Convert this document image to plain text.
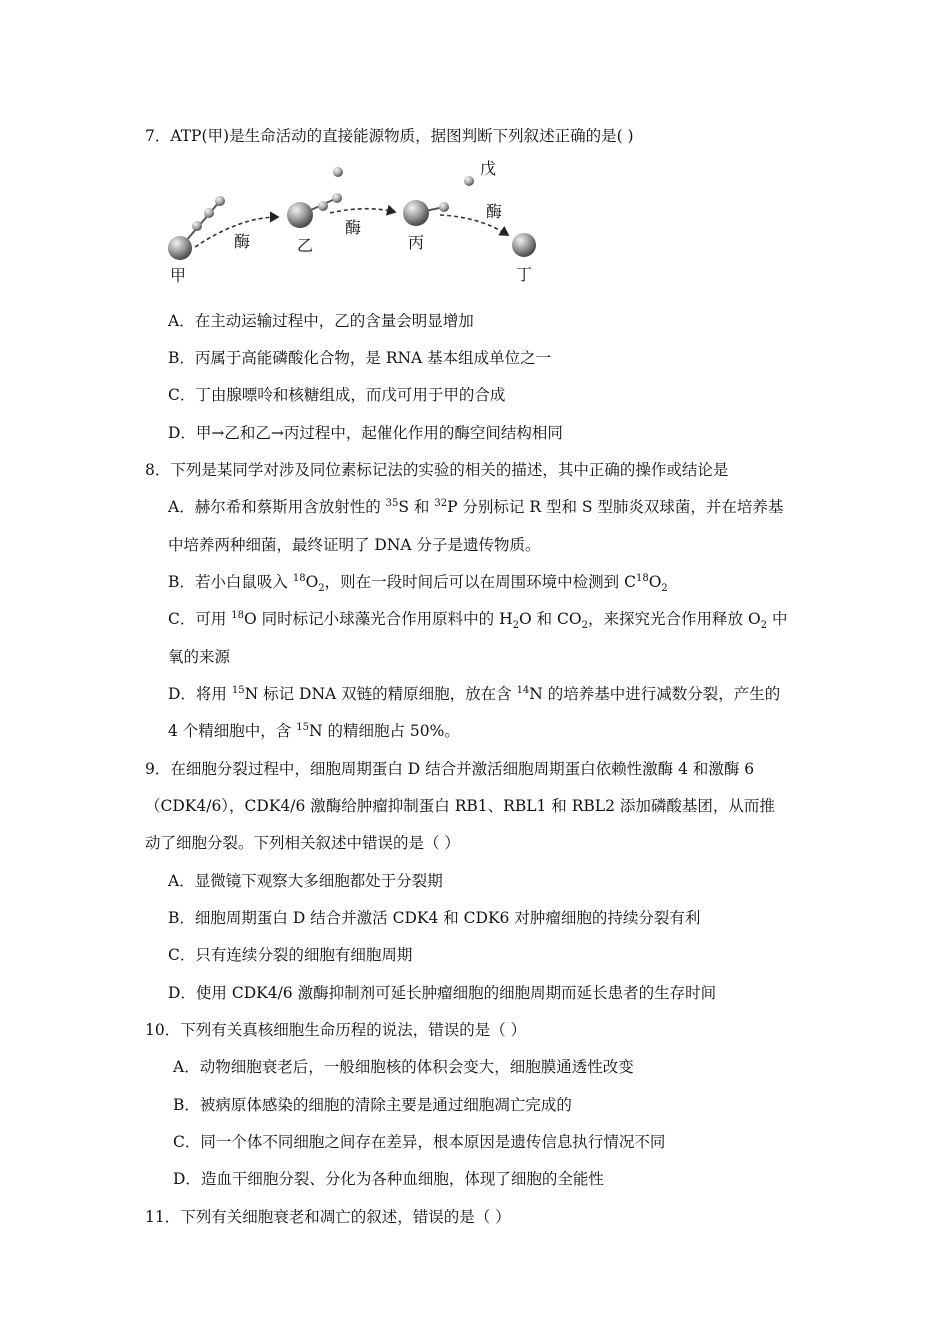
7．ATP(甲)是生命活动的直接能源物质，据图判断下列叙述正确的是( )
甲
酶	乙
酶
丙
戊
酶
丁
A．在主动运输过程中，乙的含量会明显增加
B．丙属于高能磷酸化合物，是 RNA 基本组成单位之一
C．丁由腺嘌呤和核糖组成，而戊可用于甲的合成
D．甲→乙和乙→丙过程中，起催化作用的酶空间结构相同
8．下列是某同学对涉及同位素标记法的实验的相关的描述，其中正确的操作或结论是
A．赫尔希和蔡斯用含放射性的 $^{35}$S 和 $^{32}$P 分别标记 R 型和 S 型肺炎双球菌，并在培养基
中培养两种细菌，最终证明了 DNA 分子是遗传物质。
B．若小白鼠吸入 $^{18}O_2$，则在一段时间后可以在周围环境中检测到 $C^{18}O_2$
C．可用 $^{18}$O 同时标记小球藻光合作用原料中的 $H_2O$ 和 $CO_2$，来探究光合作用释放 $O_2$ 中
氧的来源
D．将用 $^{15}$N 标记 DNA 双链的精原细胞，放在含 $^{14}$N 的培养基中进行减数分裂，产生的
4 个精细胞中，含 $^{15}$N 的精细胞占 50%。
9．在细胞分裂过程中，细胞周期蛋白 D 结合并激活细胞周期蛋白依赖性激酶 4 和激酶 6
（CDK4/6），CDK4/6 激酶给肿瘤抑制蛋白 RB1、RBL1 和 RBL2 添加磷酸基团，从而推
动了细胞分裂。下列相关叙述中错误的是（ ）
A．显微镜下观察大多细胞都处于分裂期
B．细胞周期蛋白 D 结合并激活 CDK4 和 CDK6 对肿瘤细胞的持续分裂有利
C．只有连续分裂的细胞有细胞周期
D．使用 CDK4/6 激酶抑制剂可延长肿瘤细胞的细胞周期而延长患者的生存时间
10．下列有关真核细胞生命历程的说法，错误的是（ ）
A．动物细胞衰老后，一般细胞核的体积会变大，细胞膜通透性改变
B．被病原体感染的细胞的清除主要是通过细胞凋亡完成的
C．同一个体不同细胞之间存在差异，根本原因是遗传信息执行情况不同
D．造血干细胞分裂、分化为各种血细胞，体现了细胞的全能性
11．下列有关细胞衰老和凋亡的叙述，错误的是（ ）
